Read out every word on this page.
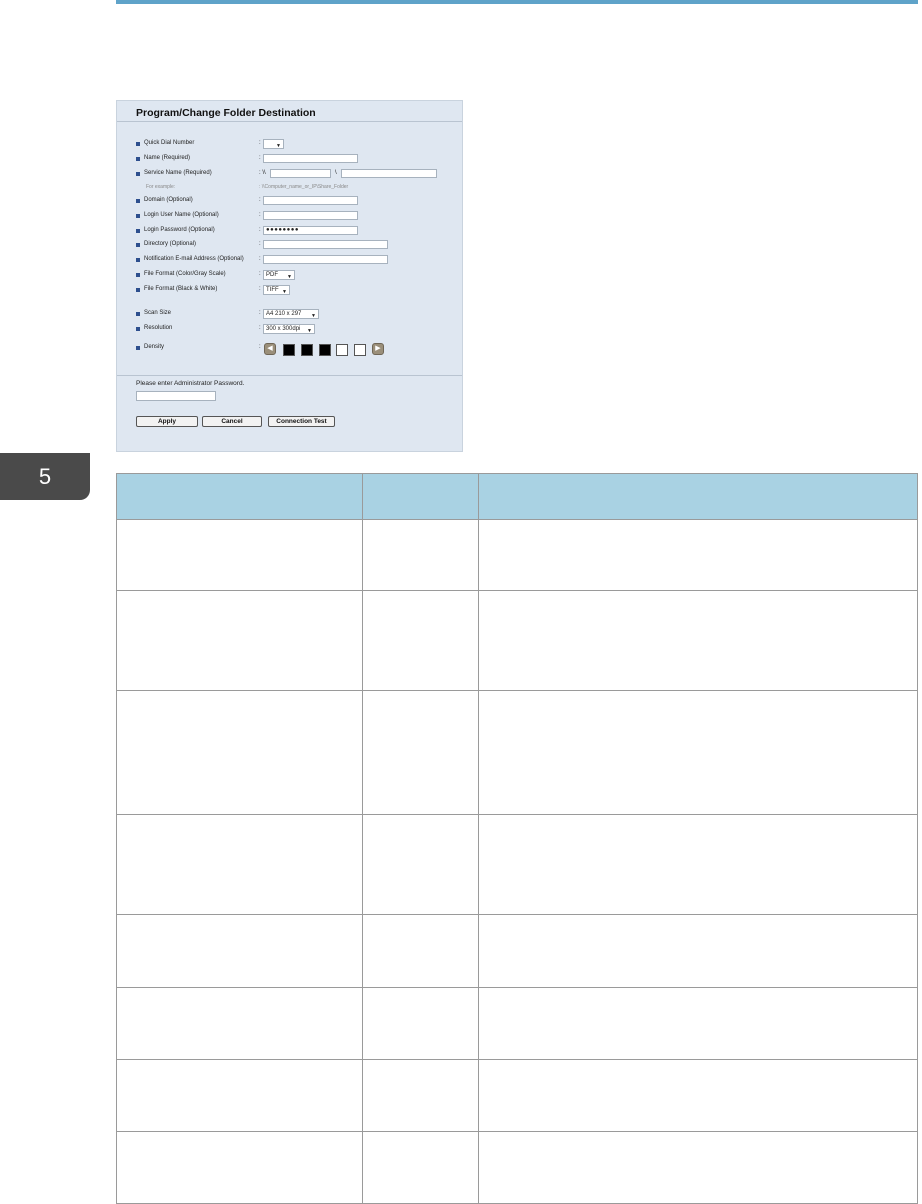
5
Program/Change Folder Destination
Quick Dial Number	:	▼
Name (Required)	:
Service Name (Required)	: \\	\
For example:	: \\Computer_name_or_IP\Share_Folder
Domain (Optional)	:
Login User Name (Optional)	:
Login Password (Optional)	: ●●●●●●●●
Directory (Optional)	:
Notification E-mail Address (Optional)	:
File Format (Color/Gray Scale)	: PDF ▼
File Format (Black & White)	: TIFF ▼
Scan Size	: A4 210 x 297 ▼
Resolution	: 300 x 300dpi ▼
Density	: ◀	▶
Please enter Administrator Password.
Apply	Cancel	Connection Test
